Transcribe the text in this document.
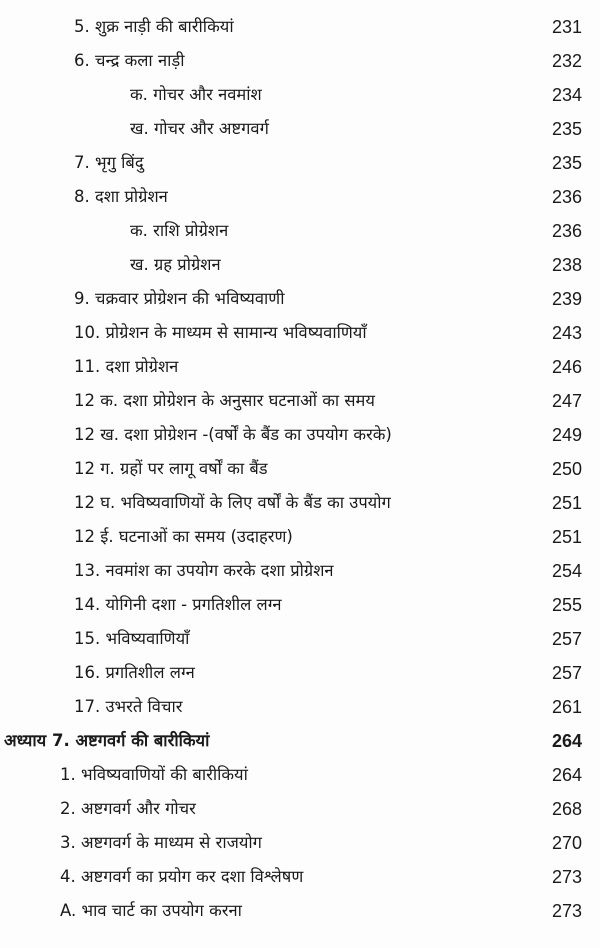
5. शुक्र नाड़ी की बारीकियां	231
6. चन्द्र कला नाड़ी	232
क. गोचर और नवमांश	234
ख. गोचर और अष्टगवर्ग	235
7. भृगु बिंदु	235
8. दशा प्रोग्रेशन	236
क. राशि प्रोग्रेशन	236
ख. ग्रह प्रोग्रेशन	238
9. चक्रवार प्रोग्रेशन की भविष्यवाणी	239
10. प्रोग्रेशन के माध्यम से सामान्य भविष्यवाणियाँ	243
11. दशा प्रोग्रेशन	246
12 क. दशा प्रोग्रेशन के अनुसार घटनाओं का समय	247
12 ख. दशा प्रोग्रेशन -(वर्षों के बैंड का उपयोग करके)	249
12 ग. ग्रहों पर लागू वर्षों का बैंड	250
12 घ. भविष्यवाणियों के लिए वर्षों के बैंड का उपयोग	251
12 ई. घटनाओं का समय (उदाहरण)	251
13. नवमांश का उपयोग करके दशा प्रोग्रेशन	254
14. योगिनी दशा - प्रगतिशील लग्न	255
15. भविष्यवाणियाँ	257
16. प्रगतिशील लग्न	257
17. उभरते विचार	261
अध्याय 7. अष्टगवर्ग की बारीकियां	264
1. भविष्यवाणियों की बारीकियां	264
2. अष्टगवर्ग और गोचर	268
3. अष्टगवर्ग के माध्यम से राजयोग	270
4. अष्टगवर्ग का प्रयोग कर दशा विश्लेषण	273
A. भाव चार्ट का उपयोग करना	273
